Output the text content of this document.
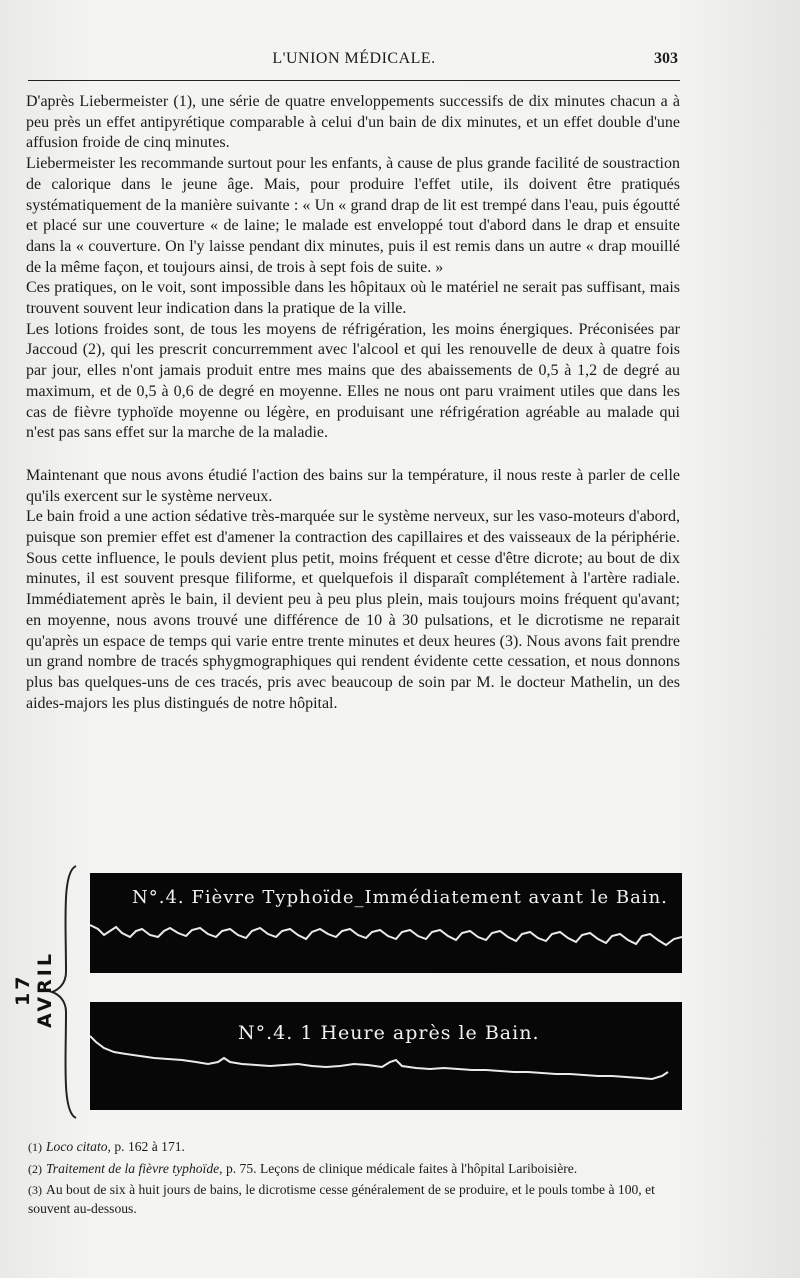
L'UNION MÉDICALE.	303

D'après Liebermeister (1), une série de quatre enveloppements successifs de dix minutes chacun a à peu près un effet antipyrétique comparable à celui d'un bain de dix minutes, et un effet double d'une affusion froide de cinq minutes.

Liebermeister les recommande surtout pour les enfants, à cause de plus grande facilité de soustraction de calorique dans le jeune âge. Mais, pour produire l'effet utile, ils doivent être pratiqués systématiquement de la manière suivante : « Un « grand drap de lit est trempé dans l'eau, puis égoutté et placé sur une couverture « de laine; le malade est enveloppé tout d'abord dans le drap et ensuite dans la « couverture. On l'y laisse pendant dix minutes, puis il est remis dans un autre « drap mouillé de la même façon, et toujours ainsi, de trois à sept fois de suite. »

Ces pratiques, on le voit, sont impossible dans les hôpitaux où le matériel ne serait pas suffisant, mais trouvent souvent leur indication dans la pratique de la ville.

Les lotions froides sont, de tous les moyens de réfrigération, les moins énergiques. Préconisées par Jaccoud (2), qui les prescrit concurremment avec l'alcool et qui les renouvelle de deux à quatre fois par jour, elles n'ont jamais produit entre mes mains que des abaissements de 0,5 à 1,2 de degré au maximum, et de 0,5 à 0,6 de degré en moyenne. Elles ne nous ont paru vraiment utiles que dans les cas de fièvre typhoïde moyenne ou légère, en produisant une réfrigération agréable au malade qui n'est pas sans effet sur la marche de la maladie.

Maintenant que nous avons étudié l'action des bains sur la température, il nous reste à parler de celle qu'ils exercent sur le système nerveux.

Le bain froid a une action sédative très-marquée sur le système nerveux, sur les vaso-moteurs d'abord, puisque son premier effet est d'amener la contraction des capillaires et des vaisseaux de la périphérie. Sous cette influence, le pouls devient plus petit, moins fréquent et cesse d'être dicrote; au bout de dix minutes, il est souvent presque filiforme, et quelquefois il disparaît complétement à l'artère radiale. Immédiatement après le bain, il devient peu à peu plus plein, mais toujours moins fréquent qu'avant; en moyenne, nous avons trouvé une différence de 10 à 30 pulsations, et le dicrotisme ne reparait qu'après un espace de temps qui varie entre trente minutes et deux heures (3). Nous avons fait prendre un grand nombre de tracés sphygmographiques qui rendent évidente cette cessation, et nous donnons plus bas quelques-uns de ces tracés, pris avec beaucoup de soin par M. le docteur Mathelin, un des aides-majors les plus distingués de notre hôpital.

17 AVRIL
N°.4. Fièvre Typhoïde_Immédiatement avant le Bain.
N°.4. 1 Heure après le Bain.

(1) Loco citato, p. 162 à 171.

(2) Traitement de la fièvre typhoïde, p. 75. Leçons de clinique médicale faites à l'hôpital Lariboisière.

(3) Au bout de six à huit jours de bains, le dicrotisme cesse généralement de se produire, et le pouls tombe à 100, et souvent au-dessous.
